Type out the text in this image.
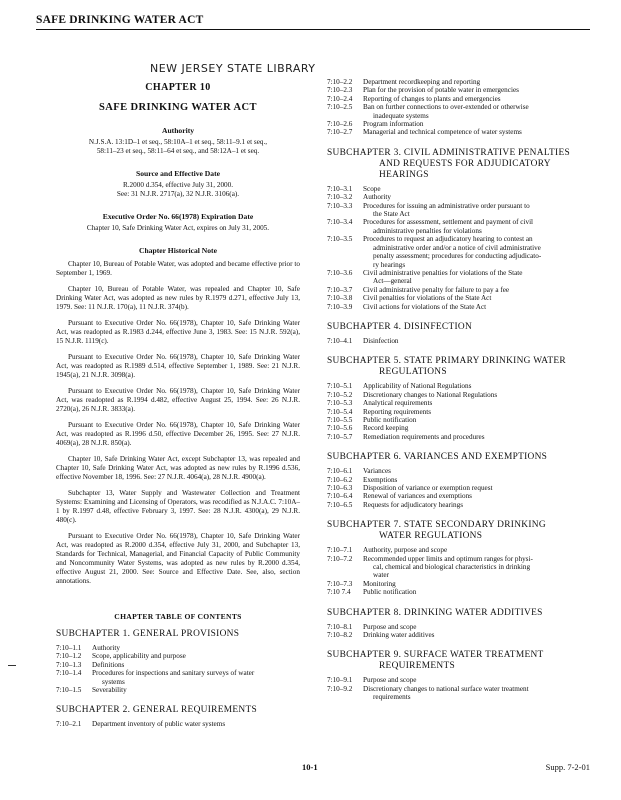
SAFE DRINKING WATER ACT
NEW JERSEY STATE LIBRARY
CHAPTER 10
SAFE DRINKING WATER ACT
Authority
N.J.S.A. 13:1D–1 et seq., 58:10A–1 et seq., 58:11–9.1 et seq.,
58:11–23 et seq., 58:11–64 et seq., and 58:12A–1 et seq.
Source and Effective Date
R.2000 d.354, effective July 31, 2000.
See: 31 N.J.R. 2717(a), 32 N.J.R. 3106(a).
Executive Order No. 66(1978) Expiration Date
Chapter 10, Safe Drinking Water Act, expires on July 31, 2005.
Chapter Historical Note

Chapter 10, Bureau of Potable Water, was adopted and became effective prior to September 1, 1969.

Chapter 10, Bureau of Potable Water, was repealed and Chapter 10, Safe Drinking Water Act, was adopted as new rules by R.1979 d.271, effective July 13, 1979. See: 11 N.J.R. 170(a), 11 N.J.R. 374(b).

Pursuant to Executive Order No. 66(1978), Chapter 10, Safe Drinking Water Act, was readopted as R.1983 d.244, effective June 3, 1983. See: 15 N.J.R. 592(a), 15 N.J.R. 1119(c).

Pursuant to Executive Order No. 66(1978), Chapter 10, Safe Drinking Water Act, was readopted as R.1989 d.514, effective September 1, 1989. See: 21 N.J.R. 1945(a), 21 N.J.R. 3098(a).

Pursuant to Executive Order No. 66(1978), Chapter 10, Safe Drinking Water Act, was readopted as R.1994 d.482, effective August 25, 1994. See: 26 N.J.R. 2720(a), 26 N.J.R. 3833(a).

Pursuant to Executive Order No. 66(1978), Chapter 10, Safe Drinking Water Act, was readopted as R.1996 d.50, effective December 26, 1995. See: 27 N.J.R. 4069(a), 28 N.J.R. 850(a).

Chapter 10, Safe Drinking Water Act, except Subchapter 13, was repealed and Chapter 10, Safe Drinking Water Act, was adopted as new rules by R.1996 d.536, effective November 18, 1996. See: 27 N.J.R. 4064(a), 28 N.J.R. 4900(a).

Subchapter 13, Water Supply and Wastewater Collection and Treatment Systems: Examining and Licensing of Operators, was recodified as N.J.A.C. 7:10A–1 by R.1997 d.48, effective February 3, 1997. See: 28 N.J.R. 4300(a), 29 N.J.R. 480(c).

Pursuant to Executive Order No. 66(1978), Chapter 10, Safe Drinking Water Act, was readopted as R.2000 d.354, effective July 31, 2000, and Subchapter 13, Standards for Technical, Managerial, and Financial Capacity of Public Community and Noncommunity Water Systems, was adopted as new rules by R.2000 d.354, effective August 21, 2000. See: Source and Effective Date. See, also, section annotations.

CHAPTER TABLE OF CONTENTS
SUBCHAPTER 1. GENERAL PROVISIONS
7:10–1.1	Authority
7:10–1.2	Scope, applicability and purpose
7:10–1.3	Definitions
7:10–1.4	Procedures for inspections and sanitary surveys of water
systems
7:10–1.5	Severability
SUBCHAPTER 2. GENERAL REQUIREMENTS
7:10–2.1	Department inventory of public water systems
7:10–2.2	Department recordkeeping and reporting
7:10–2.3	Plan for the provision of potable water in emergencies
7:10–2.4	Reporting of changes to plants and emergencies
7:10–2.5	Ban on further connections to over-extended or otherwise
inadequate systems
7:10–2.6	Program information
7:10–2.7	Managerial and technical competence of water systems
SUBCHAPTER 3. CIVIL ADMINISTRATIVE PENALTIES
AND REQUESTS FOR ADJUDICATORY HEARINGS
7:10–3.1	Scope
7:10–3.2	Authority
7:10–3.3	Procedures for issuing an administrative order pursuant to
the State Act
7:10–3.4	Procedures for assessment, settlement and payment of civil
administrative penalties for violations
7:10–3.5	Procedures to request an adjudicatory hearing to contest an
administrative order and/or a notice of civil administrative
penalty assessment; procedures for conducting adjudicato-
ry hearings
7:10–3.6	Civil administrative penalties for violations of the State
Act—general
7:10–3.7	Civil administrative penalty for failure to pay a fee
7:10–3.8	Civil penalties for violations of the State Act
7:10–3.9	Civil actions for violations of the State Act
SUBCHAPTER 4. DISINFECTION
7:10–4.1	Disinfection
SUBCHAPTER 5. STATE PRIMARY DRINKING WATER
REGULATIONS
7:10–5.1	Applicability of National Regulations
7:10–5.2	Discretionary changes to National Regulations
7:10–5.3	Analytical requirements
7:10–5.4	Reporting requirements
7:10–5.5	Public notification
7:10–5.6	Record keeping
7:10–5.7	Remediation requirements and procedures
SUBCHAPTER 6. VARIANCES AND EXEMPTIONS
7:10–6.1	Variances
7:10–6.2	Exemptions
7:10–6.3	Disposition of variance or exemption request
7:10–6.4	Renewal of variances and exemptions
7:10–6.5	Requests for adjudicatory hearings
SUBCHAPTER 7. STATE SECONDARY DRINKING
WATER REGULATIONS
7:10–7.1	Authority, purpose and scope
7:10–7.2	Recommended upper limits and optimum ranges for physi-
cal, chemical and biological characteristics in drinking
water
7:10–7.3	Monitoring
7:10 7.4	Public notification
SUBCHAPTER 8. DRINKING WATER ADDITIVES
7:10–8.1	Purpose and scope
7:10–8.2	Drinking water additives
SUBCHAPTER 9. SURFACE WATER TREATMENT
REQUIREMENTS
7:10–9.1	Purpose and scope
7:10–9.2	Discretionary changes to national surface water treatment
requirements
10-1	Supp. 7-2-01
